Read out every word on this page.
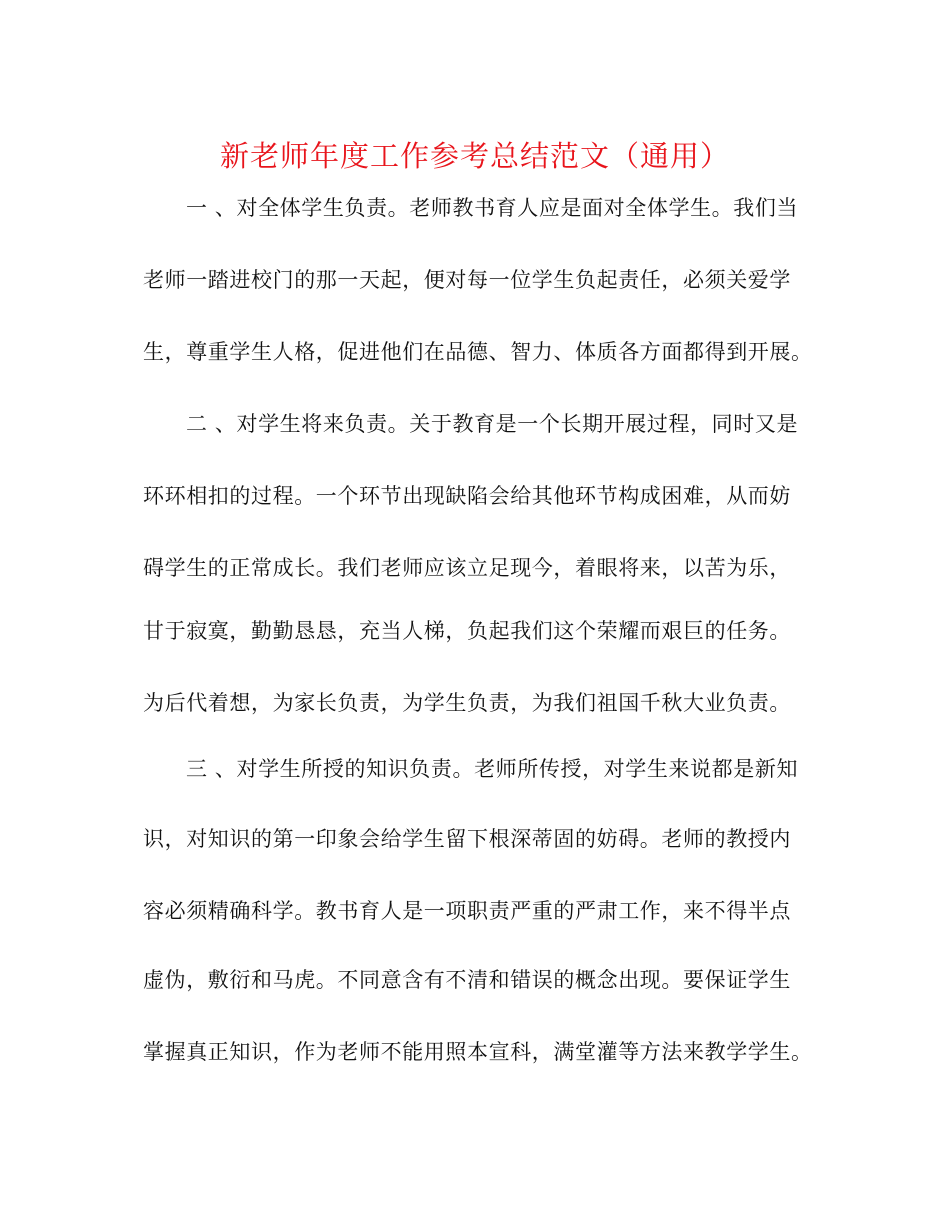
新老师年度工作参考总结范文（通用）
一 、对全体学生负责。老师教书育人应是面对全体学生。我们当
老师一踏进校门的那一天起，便对每一位学生负起责任，必须关爱学
生，尊重学生人格，促进他们在品德、智力、体质各方面都得到开展。
二 、对学生将来负责。关于教育是一个长期开展过程，同时又是
环环相扣的过程。一个环节出现缺陷会给其他环节构成困难，从而妨
碍学生的正常成长。我们老师应该立足现今，着眼将来，以苦为乐，
甘于寂寞，勤勤恳恳，充当人梯，负起我们这个荣耀而艰巨的任务。
为后代着想，为家长负责，为学生负责，为我们祖国千秋大业负责。
三 、对学生所授的知识负责。老师所传授，对学生来说都是新知
识，对知识的第一印象会给学生留下根深蒂固的妨碍。老师的教授内
容必须精确科学。教书育人是一项职责严重的严肃工作，来不得半点
虚伪，敷衍和马虎。不同意含有不清和错误的概念出现。要保证学生
掌握真正知识，作为老师不能用照本宣科，满堂灌等方法来教学学生。
